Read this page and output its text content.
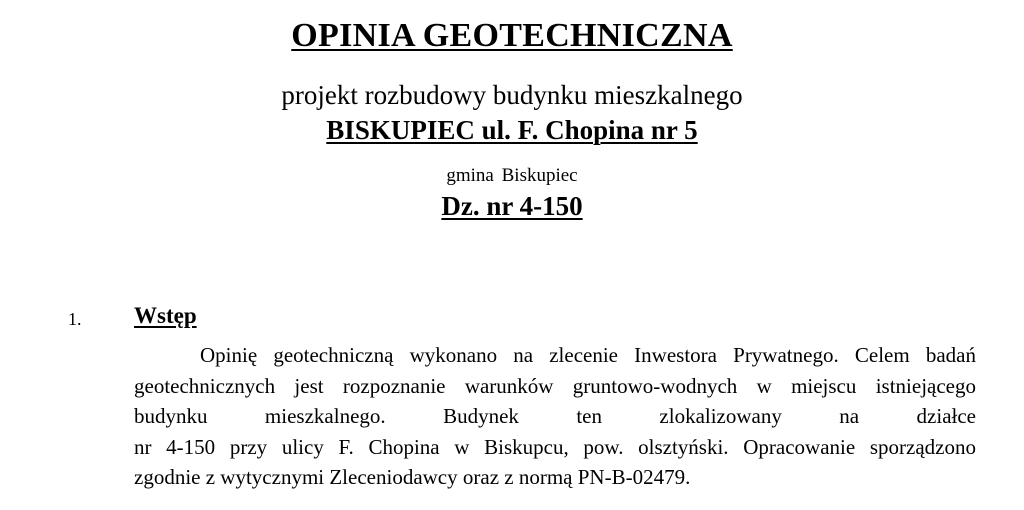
OPINIA GEOTECHNICZNA
projekt rozbudowy budynku mieszkalnego
BISKUPIEC ul. F. Chopina nr 5
gmina Biskupiec
Dz. nr 4-150
1. Wstęp
Opinię geotechniczną wykonano na zlecenie Inwestora Prywatnego. Celem badań
geotechnicznych jest rozpoznanie warunków gruntowo-wodnych w miejscu istniejącego
budynku mieszkalnego. Budynek ten zlokalizowany na działce
nr 4-150 przy ulicy F. Chopina w Biskupcu, pow. olsztyński. Opracowanie sporządzono
zgodnie z wytycznymi Zleceniodawcy oraz z normą PN-B-02479.
